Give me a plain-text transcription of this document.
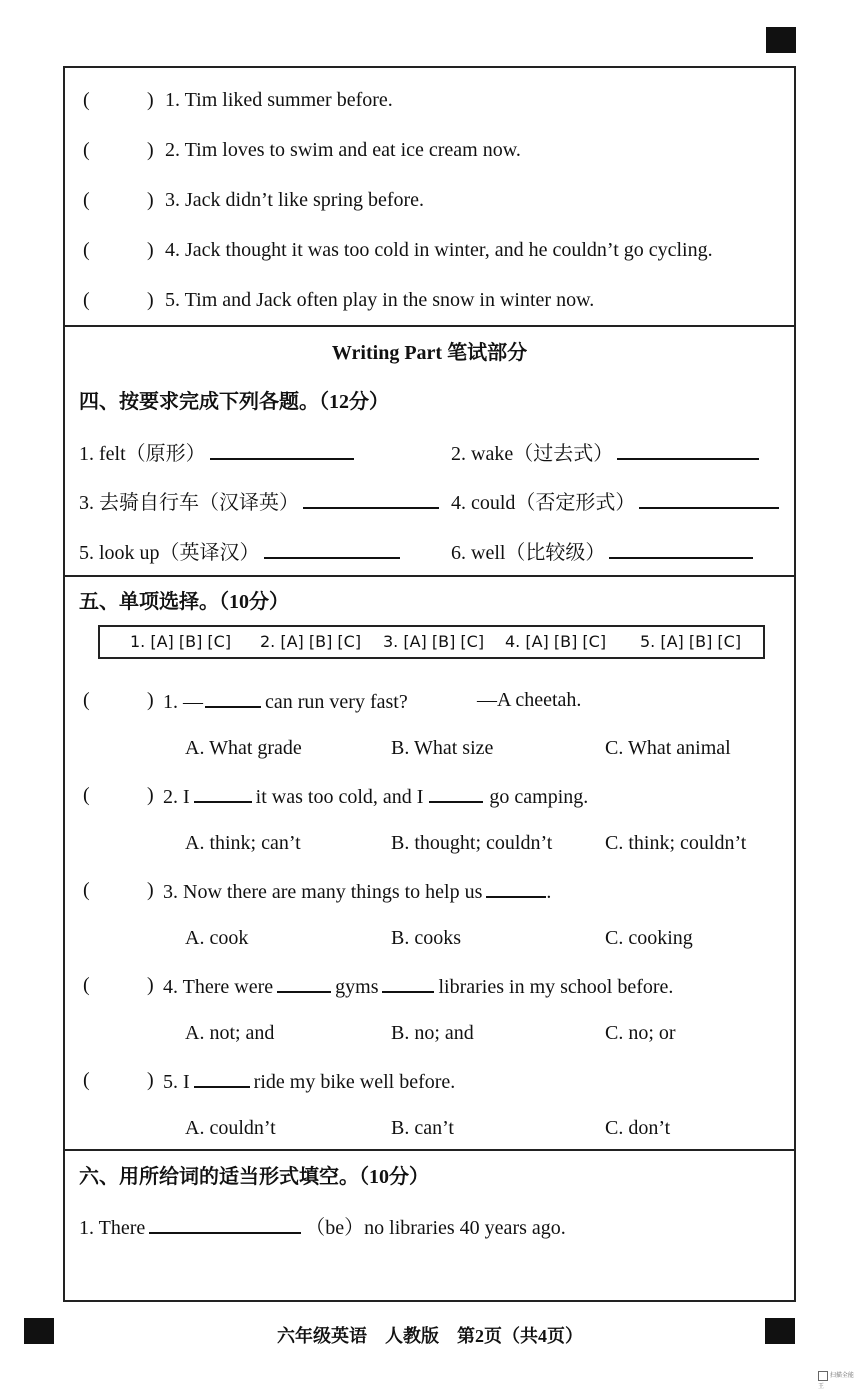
(	) 1. Tim liked summer before.
(	) 2. Tim loves to swim and eat ice cream now.
(	) 3. Jack didn’t like spring before.
(	) 4. Jack thought it was too cold in winter, and he couldn’t go cycling.
(	) 5. Tim and Jack often play in the snow in winter now.
Writing Part 笔试部分
四、按要求完成下列各题。（12分）
1. felt（原形）	2. wake（过去式）
3. 去骑自行车（汉译英）	4. could（否定形式）
5. look up（英译汉）	6. well（比较级）
五、单项选择。（10分）
1. [A] [B] [C] 2. [A] [B] [C] 3. [A] [B] [C] 4. [A] [B] [C] 5. [A] [B] [C]
(	) 1. —	can run very fast?	—A cheetah.
A. What grade	B. What size	C. What animal
(	) 2. I	it was too cold, and I	go camping.
A. think; can’t	B. thought; couldn’t	C. think; couldn’t
(	) 3. Now there are many things to help us	.
A. cook	B. cooks	C. cooking
(	) 4. There were	gyms	libraries in my school before.
A. not; and	B. no; and	C. no; or
(	) 5. I	ride my bike well before.
A. couldn’t	B. can’t	C. don’t
六、用所给词的适当形式填空。（10分）
1. There	（be）no libraries 40 years ago.
六年级英语　人教版　第2页（共4页）
扫描全能王
